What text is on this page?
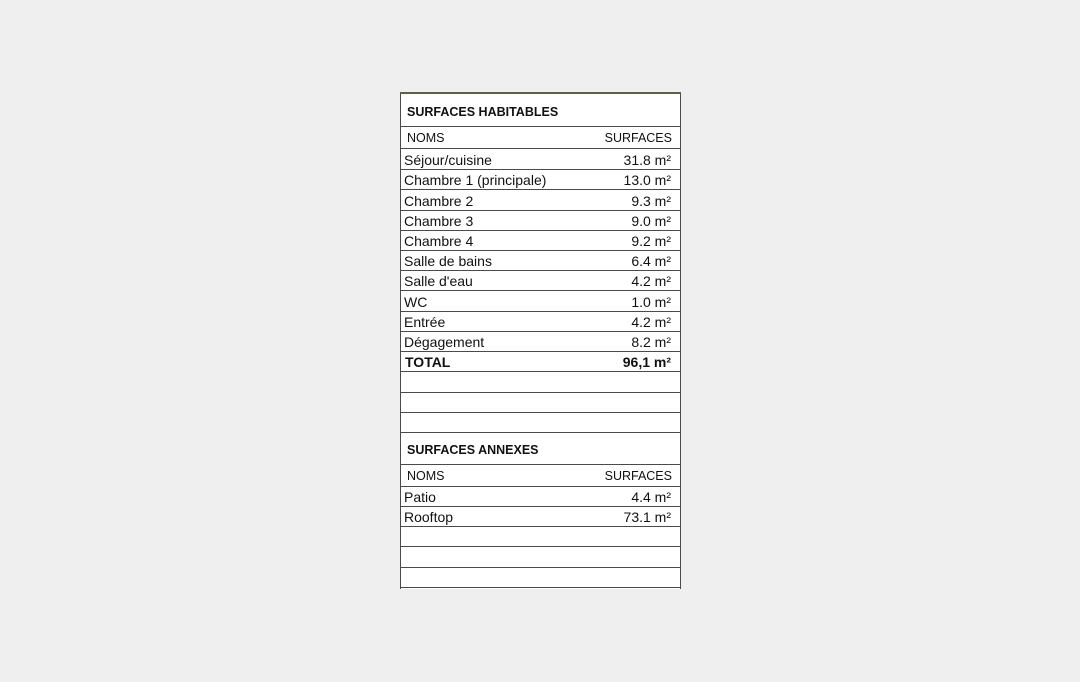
SURFACES HABITABLES
NOMS	SURFACES
Séjour/cuisine	31.8 m²
Chambre 1 (principale)	13.0 m²
Chambre 2	9.3 m²
Chambre 3	9.0 m²
Chambre 4	9.2 m²
Salle de bains	6.4 m²
Salle d'eau	4.2 m²
WC	1.0 m²
Entrée	4.2 m²
Dégagement	8.2 m²
TOTAL	96,1 m²
SURFACES ANNEXES
NOMS	SURFACES
Patio	4.4 m²
Rooftop	73.1 m²
